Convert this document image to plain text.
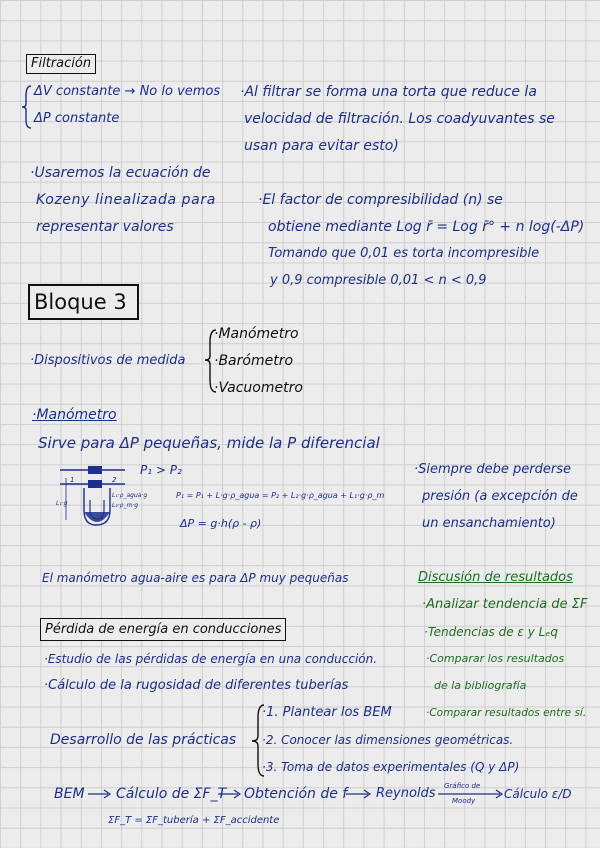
Filtración
ΔV constante → No lo vemos
ΔP constante
·Al filtrar se forma una torta que reduce la
velocidad de filtración. Los coadyuvantes se
usan para evitar esto)
·Usaremos la ecuación de
Kozeny linealizada para
representar valores
·El factor de compresibilidad (n) se
obtiene mediante Log r̄ = Log r̄° + n log(-ΔP)
Tomando que 0,01 es torta incompresible
y 0,9 compresible 0,01 < n < 0,9
Bloque 3
·Dispositivos de medida
·Manómetro
·Barómetro
·Vacuometro
·Manómetro
Sirve para ΔP pequeñas, mide la P diferencial
P₁ > P₂
1	2
L₁·ρ_agua·g
L₂·ρ_m·g
L₁·g
P₁ = P₁ + L·g·ρ_agua = P₂ + L₂·g·ρ_agua + L₁·g·ρ_m
ΔP = g·h(ρ - ρ)
·Siempre debe perderse
presión (a excepción de
un ensanchamiento)
El manómetro agua-aire es para ΔP muy pequeñas	Discusión de resultados
·Analizar tendencia de ΣF
·Tendencias de ε y Lₑq
·Comparar los resultados
de la bibliografía
·Comparar resultados entre sí.
Pérdida de energía en conducciones
·Estudio de las pérdidas de energía en una conducción.
·Cálculo de la rugosidad de diferentes tuberías
Desarrollo de las prácticas
·1. Plantear los BEM
·2. Conocer las dimensiones geométricas.
·3. Toma de datos experimentales (Q y ΔP)
BEM Cálculo de ΣF_T Obtención de f Reynolds Gráfico de
Moody Cálculo ε/D
ΣF_T = ΣF_tubería + ΣF_accidente
